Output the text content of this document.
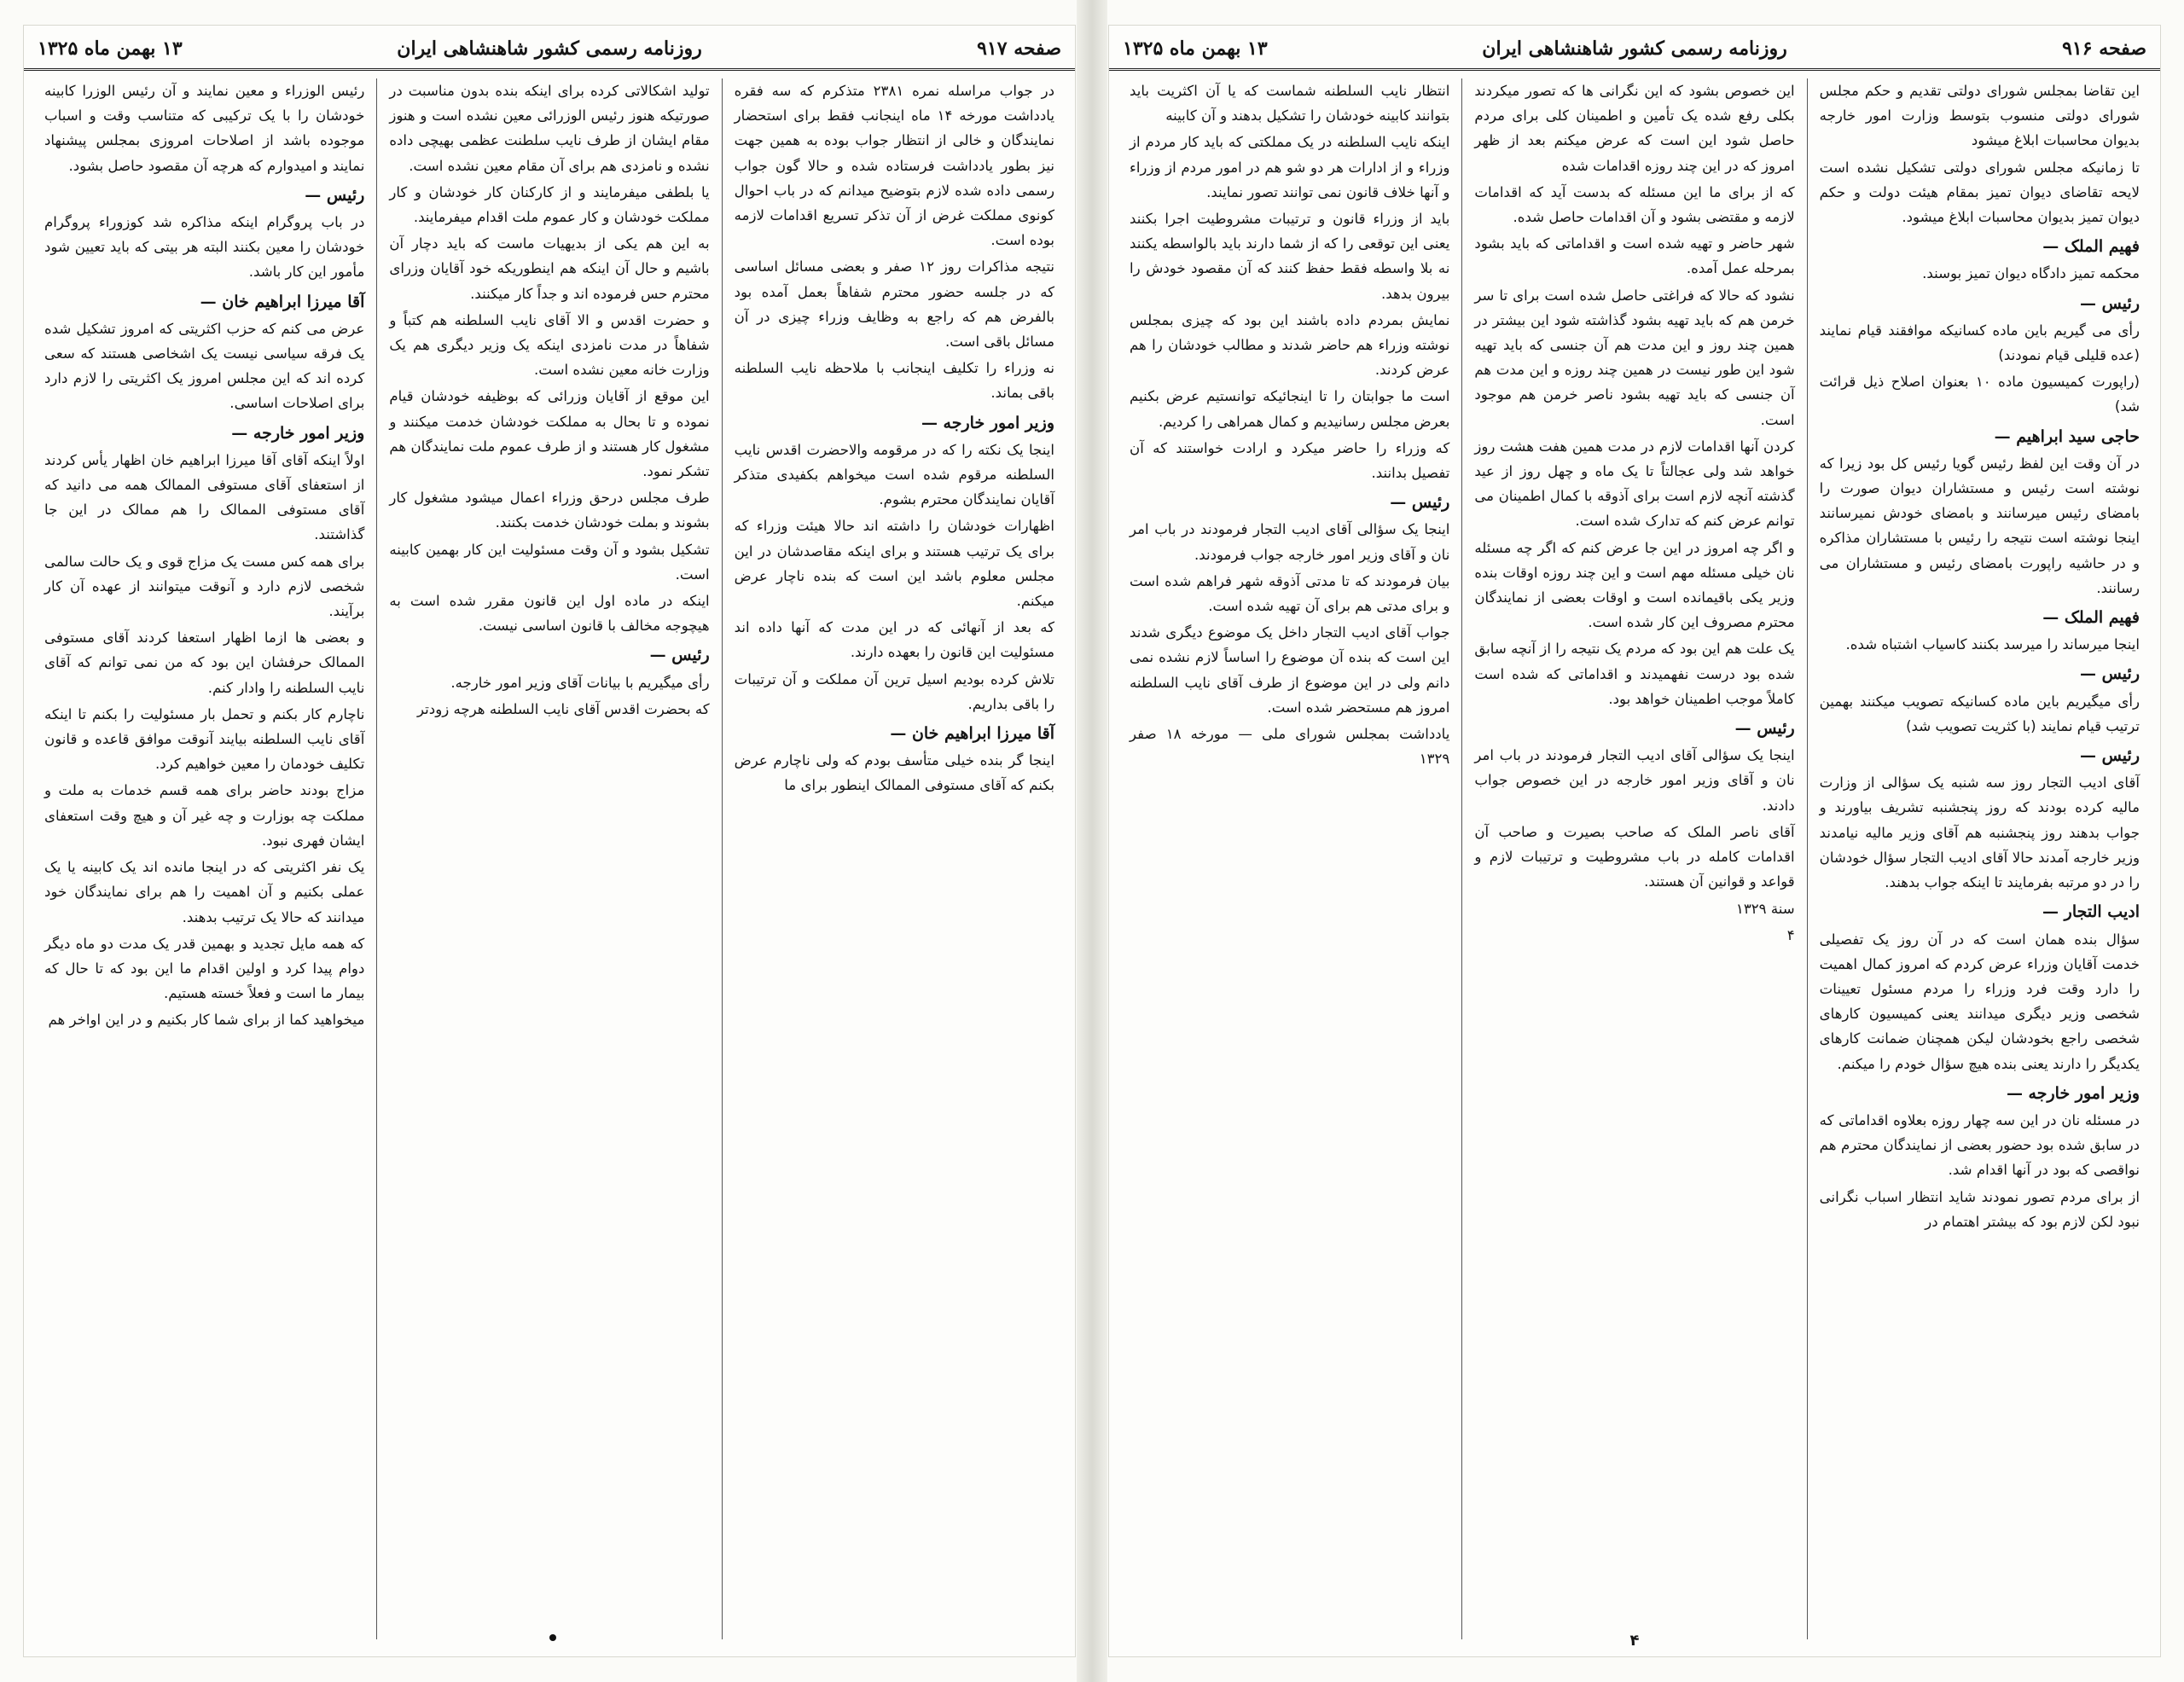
صفحه ۹۱۷
روزنامه رسمی کشور شاهنشاهی ایران
۱۳ بهمن ماه ۱۳۲۵

در جواب مراسله نمره ۲۳۸۱ متذکرم که سه فقره یادداشت مورخه ۱۴ ماه اینجانب فقط برای استحضار نمایندگان و خالی از انتظار جواب بوده به همین جهت نیز بطور یادداشت فرستاده شده و حالا گون جواب رسمی داده شده لازم بتوضیح میدانم که در باب احوال کونوی مملکت غرض از آن تذکر تسریع اقدامات لازمه بوده است.

نتیجه مذاکرات روز ۱۲ صفر و بعضی مسائل اساسی که در جلسه حضور محترم شفاهاً بعمل آمده بود بالفرض هم که راجع به وظایف وزراء چیزی در آن مسائل باقی است.

نه وزراء را تکلیف اینجانب با ملاحظه نایب السلطنه باقی بماند.

وزیر امور خارجه —
اینجا یک نکته را که در مرقومه والاحضرت اقدس نایب السلطنه مرقوم شده است میخواهم بکفیدی متذکر آقایان نمایندگان محترم بشوم.

اظهارات خودشان را داشته اند حالا هیئت وزراء که برای یک ترتیب هستند و برای اینکه مقاصدشان در این مجلس معلوم باشد این است که بنده ناچار عرض میکنم.

که بعد از آنهائی که در این مدت که آنها داده اند مسئولیت این قانون را بعهده دارند.

تلاش کرده بودیم اسیل ترین آن مملکت و آن ترتیبات را باقی بداریم.

آقا میرزا ابراهیم خان —
اینجا گر بنده خیلی متأسف بودم که ولی ناچارم عرض بکنم که آقای مستوفی الممالک اینطور برای ما

تولید اشکالاتی کرده برای اینکه بنده بدون مناسبت در صورتیکه هنوز رئیس الوزرائی معین نشده است و هنوز مقام ایشان از طرف نایب سلطنت عظمی بهیچی داده نشده و نامزدی هم برای آن مقام معین نشده است.

یا بلطفی میفرمایند و از کارکنان کار خودشان و کار مملکت خودشان و کار عموم ملت اقدام میفرمایند.

به این هم یکی از بدیهیات ماست که باید دچار آن باشیم و حال آن اینکه هم اینطوریکه خود آقایان وزرای محترم حس فرموده اند و جداً کار میکنند.

و حضرت اقدس و الا آقای نایب السلطنه هم کتباً و شفاهاً در مدت نامزدی اینکه یک وزیر دیگری هم یک وزارت خانه معین نشده است.

این موقع از آقایان وزرائی که بوظیفه خودشان قیام نموده و تا بحال به مملکت خودشان خدمت میکنند و مشغول کار هستند و از طرف عموم ملت نمایندگان هم تشکر نمود.

طرف مجلس درحق وزراء اعمال میشود مشغول کار بشوند و بملت خودشان خدمت بکنند.

تشکیل بشود و آن وقت مسئولیت این کار بهمین کابینه است.

اینکه در ماده اول این قانون مقرر شده است به هیچوجه مخالف با قانون اساسی نیست.

رئیس —
رأی میگیریم با بیانات آقای وزیر امور خارجه.

که بحضرت اقدس آقای نایب السلطنه هرچه زودتر

رئیس الوزراء و معین نمایند و آن رئیس الوزرا کابینه خودشان را با یک ترکیبی که متناسب وقت و اسباب موجوده باشد از اصلاحات امروزی بمجلس پیشنهاد نمایند و امیدوارم که هرچه آن مقصود حاصل بشود.

رئیس —
در باب پروگرام اینکه مذاکره شد کوزوراء پروگرام خودشان را معین بکنند البته هر بیتی که باید تعیین شود مأمور این کار باشد.

آقا میرزا ابراهیم خان —
عرض می کنم که حزب اکثریتی که امروز تشکیل شده یک فرقه سیاسی نیست یک اشخاصی هستند که سعی کرده اند که این مجلس امروز یک اکثریتی را لازم دارد برای اصلاحات اساسی.

وزیر امور خارجه —
اولاً اینکه آقای آقا میرزا ابراهیم خان اظهار یأس کردند از استعفای آقای مستوفی الممالک همه می دانید که آقای مستوفی الممالک را هم ممالک در این جا گذاشتند.

برای همه کس مست یک مزاج قوی و یک حالت سالمی شخصی لازم دارد و آنوقت میتوانند از عهده آن کار برآیند.

و بعضی ها ازما اظهار استعفا کردند آقای مستوفی الممالک حرفشان این بود که من نمی توانم که آقای نایب السلطنه را وادار کنم.

ناچارم کار بکنم و تحمل بار مسئولیت را بکنم تا اینکه آقای نایب السلطنه بیایند آنوقت موافق قاعده و قانون تکلیف خودمان را معین خواهیم کرد.

مزاج بودند حاضر برای همه قسم خدمات به ملت و مملکت چه بوزارت و چه غیر آن و هیچ وقت استعفای ایشان فهری نبود.

یک نفر اکثریتی که در اینجا مانده اند یک کابینه یا یک عملی بکنیم و آن اهمیت را هم برای نمایندگان خود میدانند که حالا یک ترتیب بدهند.

که همه مایل تجدید و بهمین قدر یک مدت دو ماه دیگر دوام پیدا کرد و اولین اقدام ما این بود که تا حال که بیمار ما است و فعلاً خسته هستیم.

میخواهید کما از برای شما کار بکنیم و در این اواخر هم

صفحه ۹۱۶
روزنامه رسمی کشور شاهنشاهی ایران
۱۳ بهمن ماه ۱۳۲۵

این تقاضا بمجلس شورای دولتی تقدیم و حکم مجلس شورای دولتی منسوب بتوسط وزارت امور خارجه بدیوان محاسبات ابلاغ میشود

تا زمانیکه مجلس شورای دولتی تشکیل نشده است لایحه تقاضای دیوان تمیز بمقام هیئت دولت و حکم دیوان تمیز بدیوان محاسبات ابلاغ میشود.

فهیم الملک —
محکمه تمیز دادگاه دیوان تمیز بوسند.

رئیس —
رأی می گیریم باین ماده کسانیکه موافقند قیام نمایند (عده قلیلی قیام نمودند)

(راپورت کمیسیون ماده ۱۰ بعنوان اصلاح ذیل قرائت شد)

حاجی سید ابراهیم —
در آن وقت این لفظ رئیس گویا رئیس کل بود زیرا که نوشته است رئیس و مستشاران دیوان صورت را بامضای رئیس میرسانند و بامضای خودش نمیرسانند اینجا نوشته است نتیجه را رئیس با مستشاران مذاکره و در حاشیه راپورت بامضای رئیس و مستشاران می رسانند.

فهیم الملک —
اینجا میرساند را میرسد بکنند کاسیاب اشتباه شده.

رئیس —
رأی میگیریم باین ماده کسانیکه تصویب میکنند بهمین ترتیب قیام نمایند (با کثریت تصویب شد)

رئیس —
آقای ادیب التجار روز سه شنبه یک سؤالی از وزارت مالیه کرده بودند که روز پنجشنبه تشریف بیاورند و جواب بدهند روز پنجشنبه هم آقای وزیر مالیه نیامدند وزیر خارجه آمدند حالا آقای ادیب التجار سؤال خودشان را در دو مرتبه بفرمایند تا اینکه جواب بدهند.

ادیب التجار —
سؤال بنده همان است که در آن روز یک تفصیلی خدمت آقایان وزراء عرض کردم که امروز کمال اهمیت را دارد وقت فرد وزراء را مردم مسئول تعیینات شخصی وزیر دیگری میدانند یعنی کمیسیون کارهای شخصی راجع بخودشان لیکن همچنان ضمانت کارهای یکدیگر را دارند یعنی بنده هیچ سؤال خودم را میکنم.

وزیر امور خارجه —
در مسئله نان در این سه چهار روزه بعلاوه اقداماتی که در سابق شده بود حضور بعضی از نمایندگان محترم هم نواقصی که بود در آنها اقدام شد.

از برای مردم تصور نمودند شاید انتظار اسباب نگرانی نبود لکن لازم بود که بیشتر اهتمام در

این خصوص بشود که این نگرانی ها که تصور میکردند بکلی رفع شده یک تأمین و اطمینان کلی برای مردم حاصل شود این است که عرض میکنم بعد از ظهر امروز که در این چند روزه اقدامات شده

که از برای ما این مسئله که بدست آید که اقدامات لازمه و مقتضی بشود و آن اقدامات حاصل شده.

شهر حاضر و تهیه شده است و اقداماتی که باید بشود بمرحله عمل آمده.

نشود که حالا که فراغتی حاصل شده است برای تا سر خرمن هم که باید تهیه بشود گذاشته شود این بیشتر در همین چند روز و این مدت هم آن جنسی که باید تهیه شود این طور نیست در همین چند روزه و این مدت هم آن جنسی که باید تهیه بشود ناصر خرمن هم موجود است.

کردن آنها اقدامات لازم در مدت همین هفت هشت روز خواهد شد ولی عجالتاً تا یک ماه و چهل روز از عید گذشته آنچه لازم است برای آذوقه با کمال اطمینان می توانم عرض کنم که تدارک شده است.

و اگر چه امروز در این جا عرض کنم که اگر چه مسئله نان خیلی مسئله مهم است و این چند روزه اوقات بنده وزیر یکی باقیمانده است و اوقات بعضی از نمایندگان محترم مصروف این کار شده است.

یک علت هم این بود که مردم یک نتیجه را از آنچه سابق شده بود درست نفهمیدند و اقداماتی که شده است کاملاً موجب اطمینان خواهد بود.

رئیس —
اینجا یک سؤالی آقای ادیب التجار فرمودند در باب امر نان و آقای وزیر امور خارجه در این خصوص جواب دادند.

آقای ناصر الملک که صاحب بصیرت و صاحب آن اقدامات کامله در باب مشروطیت و ترتیبات لازم و قواعد و قوانین آن هستند.

سنة ۱۳۲۹

۴

انتظار نایب السلطنه شماست که یا آن اکثریت باید بتوانند کابینه خودشان را تشکیل بدهند و آن کابینه

اینکه نایب السلطنه در یک مملکتی که باید کار مردم از وزراء و از ادارات هر دو شو هم در امور مردم از وزراء و آنها خلاف قانون نمی توانند تصور نمایند.

باید از وزراء قانون و ترتیبات مشروطیت اجرا بکنند یعنی این توقعی را که از شما دارند باید بالواسطه یکنند نه بلا واسطه فقط حفظ کنند که آن مقصود خودش را بیرون بدهد.

نمایش بمردم داده باشند این بود که چیزی بمجلس نوشته وزراء هم حاضر شدند و مطالب خودشان را هم عرض کردند.

است ما جوابتان را تا اینجائیکه توانستیم عرض بکنیم بعرض مجلس رسانیدیم و کمال همراهی را کردیم.

که وزراء را حاضر میکرد و ارادت خواستند که آن تفصیل بدانند.

رئیس —
اینجا یک سؤالی آقای ادیب التجار فرمودند در باب امر نان و آقای وزیر امور خارجه جواب فرمودند.

بیان فرمودند که تا مدتی آذوقه شهر فراهم شده است و برای مدتی هم برای آن تهیه شده است.

جواب آقای ادیب التجار داخل یک موضوع دیگری شدند این است که بنده آن موضوع را اساساً لازم نشده نمی دانم ولی در این موضوع از طرف آقای نایب السلطنه امروز هم مستحضر شده است.

یادداشت بمجلس شورای ملی — مورخه ۱۸ صفر ۱۳۲۹

۴
